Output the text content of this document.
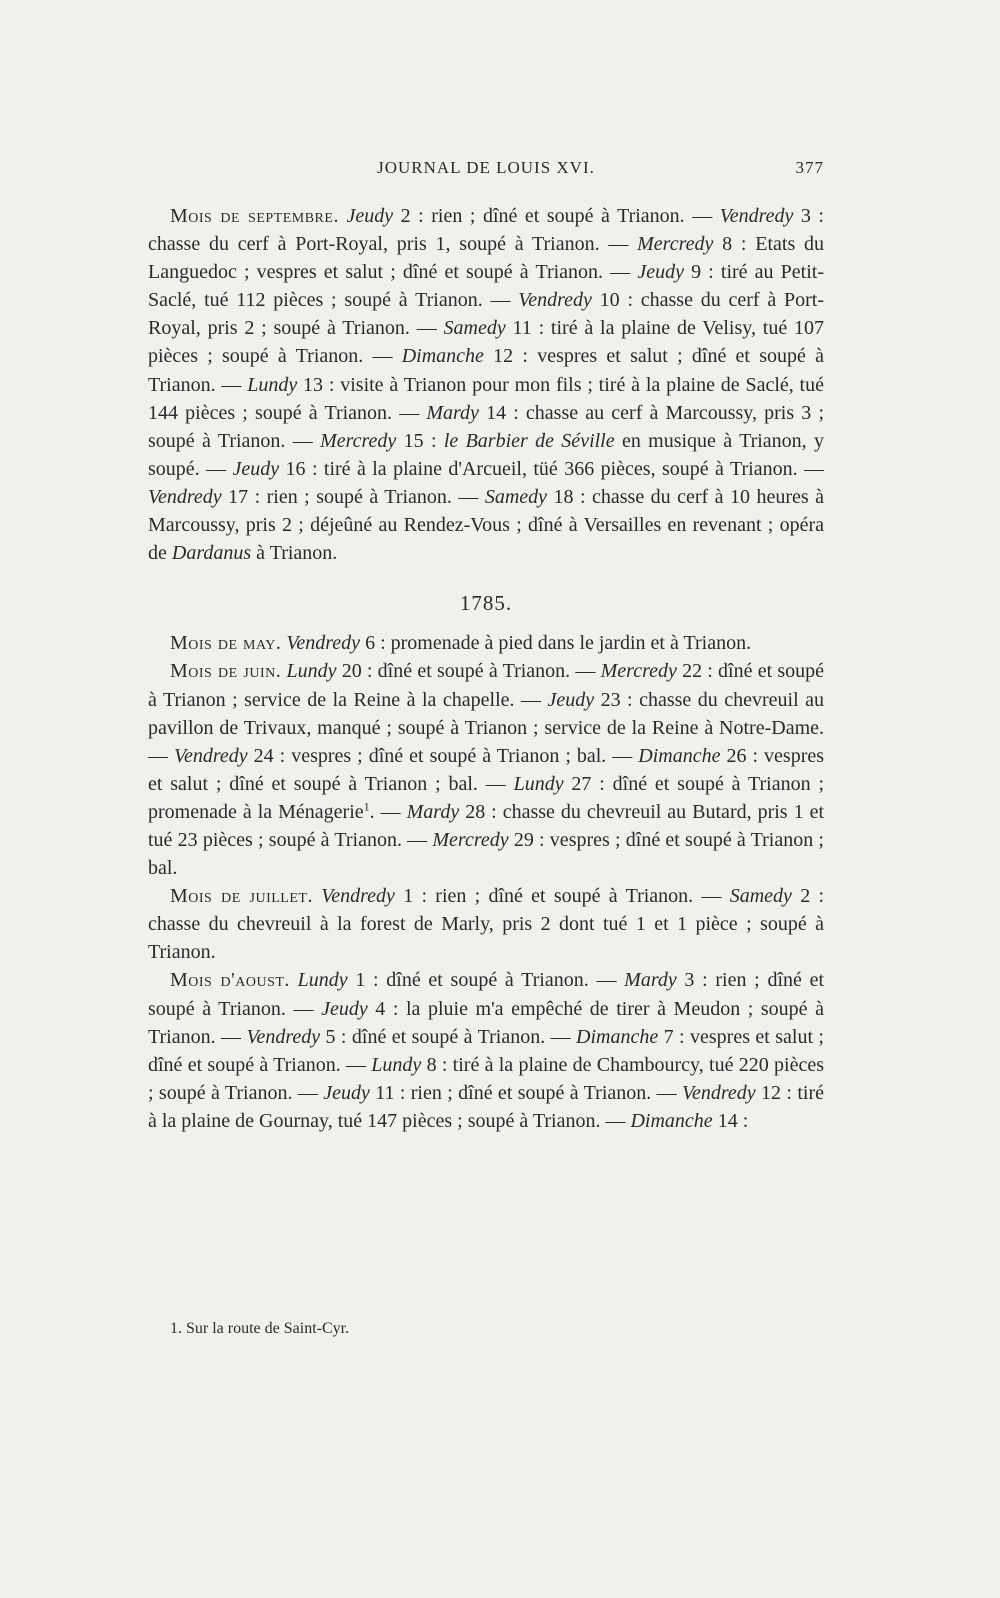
JOURNAL DE LOUIS XVI.	377

Mois de septembre. Jeudy 2 : rien ; dîné et soupé à Trianon. — Vendredy 3 : chasse du cerf à Port-Royal, pris 1, soupé à Trianon. — Mercredy 8 : Etats du Languedoc ; vespres et salut ; dîné et soupé à Trianon. — Jeudy 9 : tiré au Petit-Saclé, tué 112 pièces ; soupé à Trianon. — Vendredy 10 : chasse du cerf à Port-Royal, pris 2 ; soupé à Trianon. — Samedy 11 : tiré à la plaine de Velisy, tué 107 pièces ; soupé à Trianon. — Dimanche 12 : vespres et salut ; dîné et soupé à Trianon. — Lundy 13 : visite à Trianon pour mon fils ; tiré à la plaine de Saclé, tué 144 pièces ; soupé à Trianon. — Mardy 14 : chasse au cerf à Marcoussy, pris 3 ; soupé à Trianon. — Mercredy 15 : le Barbier de Séville en musique à Trianon, y soupé. — Jeudy 16 : tiré à la plaine d'Arcueil, tüé 366 pièces, soupé à Trianon. — Vendredy 17 : rien ; soupé à Trianon. — Samedy 18 : chasse du cerf à 10 heures à Marcoussy, pris 2 ; déjeûné au Rendez-Vous ; dîné à Versailles en revenant ; opéra de Dardanus à Trianon.

1785.

Mois de may. Vendredy 6 : promenade à pied dans le jardin et à Trianon.

Mois de juin. Lundy 20 : dîné et soupé à Trianon. — Mercredy 22 : dîné et soupé à Trianon ; service de la Reine à la chapelle. — Jeudy 23 : chasse du chevreuil au pavillon de Trivaux, manqué ; soupé à Trianon ; service de la Reine à Notre-Dame. — Vendredy 24 : vespres ; dîné et soupé à Trianon ; bal. — Dimanche 26 : vespres et salut ; dîné et soupé à Trianon ; bal. — Lundy 27 : dîné et soupé à Trianon ; promenade à la Ménagerie$^1$. — Mardy 28 : chasse du chevreuil au Butard, pris 1 et tué 23 pièces ; soupé à Trianon. — Mercredy 29 : vespres ; dîné et soupé à Trianon ; bal.

Mois de juillet. Vendredy 1 : rien ; dîné et soupé à Trianon. — Samedy 2 : chasse du chevreuil à la forest de Marly, pris 2 dont tué 1 et 1 pièce ; soupé à Trianon.

Mois d'aoust. Lundy 1 : dîné et soupé à Trianon. — Mardy 3 : rien ; dîné et soupé à Trianon. — Jeudy 4 : la pluie m'a empêché de tirer à Meudon ; soupé à Trianon. — Vendredy 5 : dîné et soupé à Trianon. — Dimanche 7 : vespres et salut ; dîné et soupé à Trianon. — Lundy 8 : tiré à la plaine de Chambourcy, tué 220 pièces ; soupé à Trianon. — Jeudy 11 : rien ; dîné et soupé à Trianon. — Vendredy 12 : tiré à la plaine de Gournay, tué 147 pièces ; soupé à Trianon. — Dimanche 14 :

1. Sur la route de Saint-Cyr.
